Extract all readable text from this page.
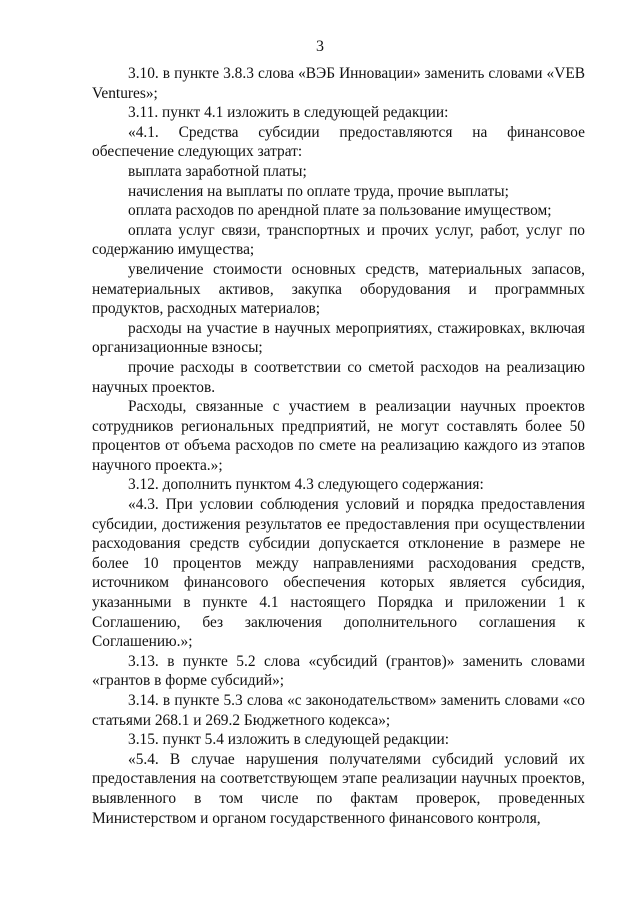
3

3.10. в пункте 3.8.3 слова «ВЭБ Инновации» заменить словами «VEB Ventures»;

3.11. пункт 4.1 изложить в следующей редакции:

«4.1. Средства субсидии предоставляются на финансовое обеспечение следующих затрат:

выплата заработной платы;

начисления на выплаты по оплате труда, прочие выплаты;

оплата расходов по арендной плате за пользование имуществом;

оплата услуг связи, транспортных и прочих услуг, работ, услуг по содержанию имущества;

увеличение стоимости основных средств, материальных запасов, нематериальных активов, закупка оборудования и программных продуктов, расходных материалов;

расходы на участие в научных мероприятиях, стажировках, включая организационные взносы;

прочие расходы в соответствии со сметой расходов на реализацию научных проектов.

Расходы, связанные с участием в реализации научных проектов сотрудников региональных предприятий, не могут составлять более 50 процентов от объема расходов по смете на реализацию каждого из этапов научного проекта.»;

3.12. дополнить пунктом 4.3 следующего содержания:

«4.3. При условии соблюдения условий и порядка предоставления субсидии, достижения результатов ее предоставления при осуществлении расходования средств субсидии допускается отклонение в размере не более 10 процентов между направлениями расходования средств, источником финансового обеспечения которых является субсидия, указанными в пункте 4.1 настоящего Порядка и приложении 1 к Соглашению, без заключения дополнительного соглашения к Соглашению.»;

3.13. в пункте 5.2 слова «субсидий (грантов)» заменить словами «грантов в форме субсидий»;

3.14. в пункте 5.3 слова «с законодательством» заменить словами «со статьями 268.1 и 269.2 Бюджетного кодекса»;

3.15. пункт 5.4 изложить в следующей редакции:

«5.4. В случае нарушения получателями субсидий условий их предоставления на соответствующем этапе реализации научных проектов, выявленного в том числе по фактам проверок, проведенных Министерством и органом государственного финансового контроля,
